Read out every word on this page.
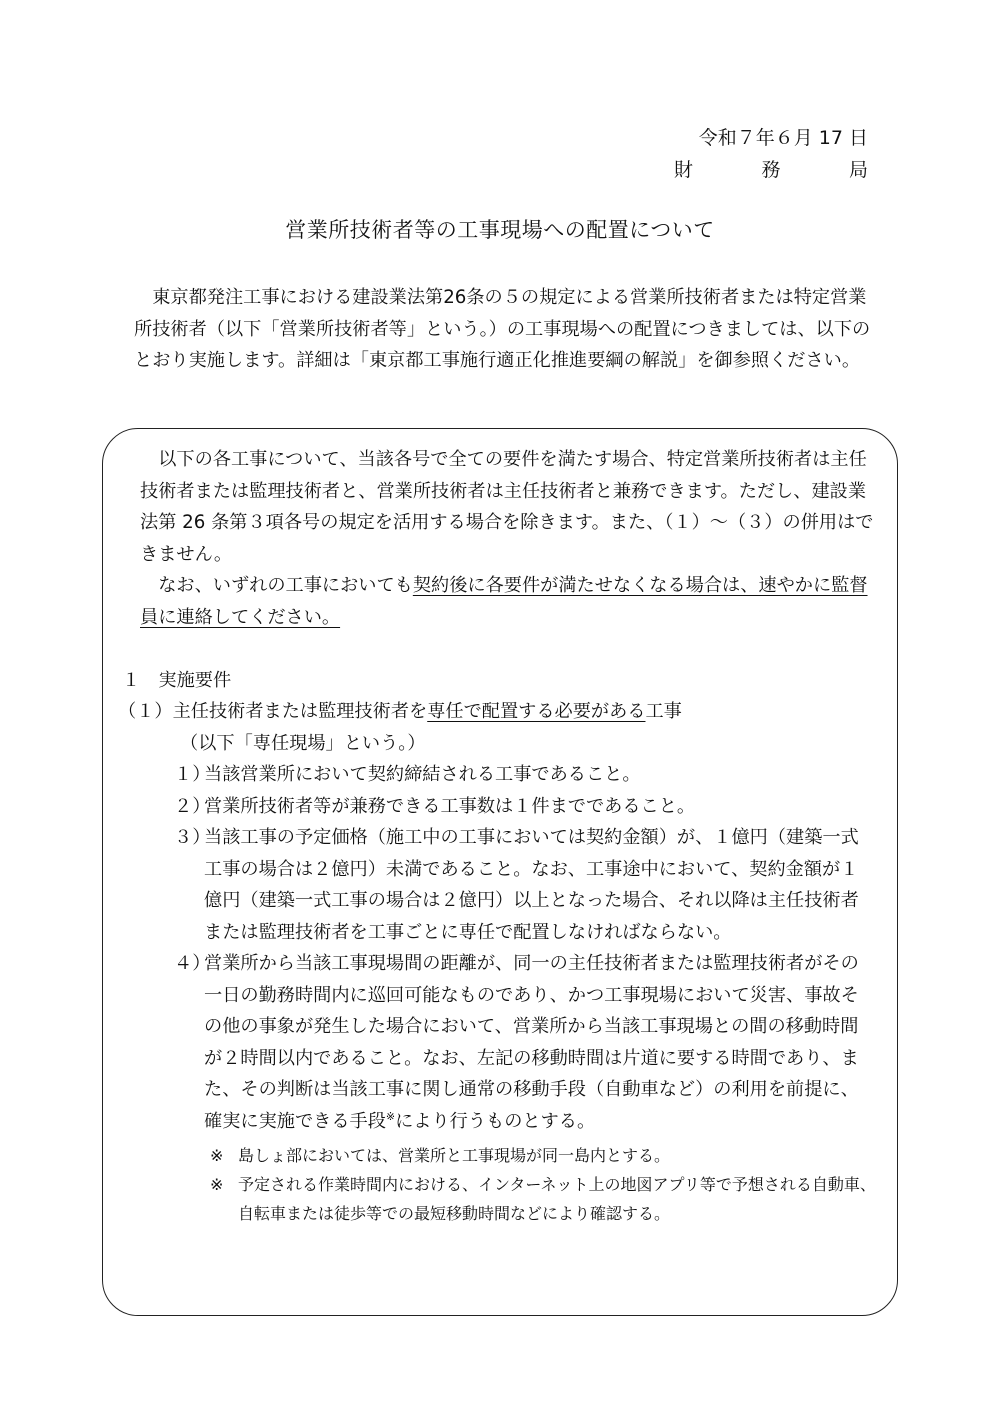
令和７年６月 17 日
財	務	局
営業所技術者等の工事現場への配置について

東京都発注工事における建設業法第26条の５の規定による営業所技術者または特定営業所技術者（以下「営業所技術者等」という。）の工事現場への配置につきましては、以下のとおり実施します。詳細は「東京都工事施行適正化推進要綱の解説」を御参照ください。

以下の各工事について、当該各号で全ての要件を満たす場合、特定営業所技術者は主任技術者または監理技術者と、営業所技術者は主任技術者と兼務できます。ただし、建設業法第 26 条第３項各号の規定を活用する場合を除きます。また、（１）～（３）の併用はできません。

なお、いずれの工事においても契約後に各要件が満たせなくなる場合は、速やかに監督員に連絡してください。

１　実施要件

（１）主任技術者または監理技術者を専任で配置する必要がある工事

（以下「専任現場」という。）

１）
当該営業所において契約締結される工事であること。

２）
営業所技術者等が兼務できる工事数は１件までであること。

３）
当該工事の予定価格（施工中の工事においては契約金額）が、１億円（建築一式工事の場合は２億円）未満であること。なお、工事途中において、契約金額が１億円（建築一式工事の場合は２億円）以上となった場合、それ以降は主任技術者または監理技術者を工事ごとに専任で配置しなければならない。

４）
営業所から当該工事現場間の距離が、同一の主任技術者または監理技術者がその一日の勤務時間内に巡回可能なものであり、かつ工事現場において災害、事故その他の事象が発生した場合において、営業所から当該工事現場との間の移動時間が２時間以内であること。なお、左記の移動時間は片道に要する時間であり、また、その判断は当該工事に関し通常の移動手段（自動車など）の利用を前提に、確実に実施できる手段※により行うものとする。

※ 島しょ部においては、営業所と工事現場が同一島内とする。
※ 予定される作業時間内における、インターネット上の地図アプリ等で予想される自動車、自転車または徒歩等での最短移動時間などにより確認する。
